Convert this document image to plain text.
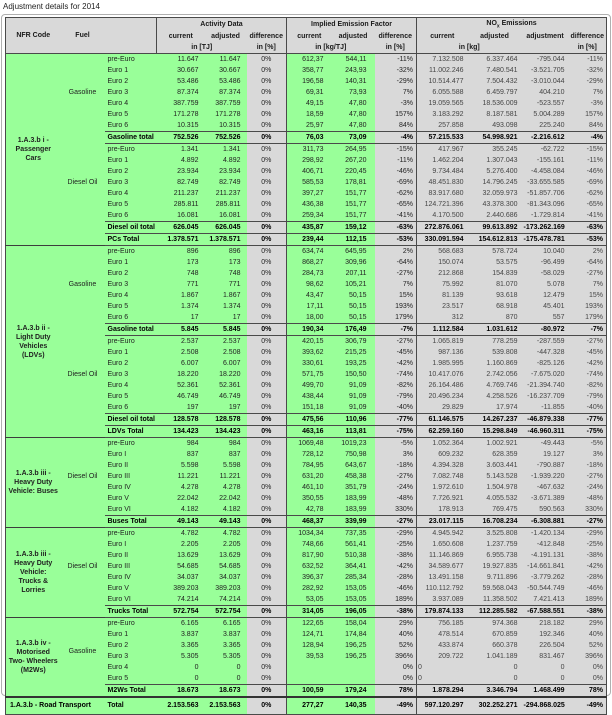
Adjustment details for 2014
NFR Code	Fuel		Activity Data			Implied Emission Factor			$NO_x$ Emissions			
			current	adjusted	difference	current	adjusted	difference	current	adjusted	adjustment	difference
			in [TJ]		in [%]	in [kg/TJ]		in [%]	in [kg]			in [%]
1.A.3.b i - Passenger Cars	Gasoline	pre-Euro	11.647	11.647	0%	612,37	544,11	-11%	7.132.508	6.337.464	-795.044	-11%
		Euro 1	30.667	30.667	0%	358,77	243,93	-32%	11.002.246	7.480.541	-3.521.705	-32%
		Euro 2	53.486	53.486	0%	196,58	140,31	-29%	10.514.477	7.504.432	-3.010.044	-29%
		Euro 3	87.374	87.374	0%	69,31	73,93	7%	6.055.588	6.459.797	404.210	7%
		Euro 4	387.759	387.759	0%	49,15	47,80	-3%	19.059.565	18.536.009	-523.557	-3%
		Euro 5	171.278	171.278	0%	18,59	47,80	157%	3.183.292	8.187.581	5.004.289	157%
		Euro 6	10.315	10.315	0%	25,97	47,80	84%	257.858	493.098	225.240	84%
		Gasoline total	752.526	752.526	0%	76,03	73,09	-4%	57.215.533	54.998.921	-2.216.612	-4%
	Diesel Oil	pre-Euro	1.341	1.341	0%	311,73	264,95	-15%	417.967	355.245	-62.722	-15%
		Euro 1	4.892	4.892	0%	298,92	267,20	-11%	1.462.204	1.307.043	-155.161	-11%
		Euro 2	23.934	23.934	0%	406,71	220,45	-46%	9.734.484	5.276.400	-4.458.084	-46%
		Euro 3	82.749	82.749	0%	585,53	178,81	-69%	48.451.830	14.796.245	-33.655.585	-69%
		Euro 4	211.237	211.237	0%	397,27	151,77	-62%	83.917.680	32.059.973	-51.857.706	-62%
		Euro 5	285.811	285.811	0%	436,38	151,77	-65%	124.721.396	43.378.300	-81.343.096	-65%
		Euro 6	16.081	16.081	0%	259,34	151,77	-41%	4.170.500	2.440.686	-1.729.814	-41%
		Diesel oil total	626.045	626.045	0%	435,87	159,12	-63%	272.876.061	99.613.892	-173.262.169	-63%
		PCs Total	1.378.571	1.378.571	0%	239,44	112,15	-53%	330.091.594	154.612.813	-175.478.781	-53%
1.A.3.b ii - Light Duty Vehicles (LDVs)	Gasoline	pre-Euro	896	896	0%	634,74	645,95	2%	568.683	578.724	10.040	2%
		Euro 1	173	173	0%	868,27	309,96	-64%	150.074	53.575	-96.499	-64%
		Euro 2	748	748	0%	284,73	207,11	-27%	212.868	154.839	-58.029	-27%
		Euro 3	771	771	0%	98,62	105,21	7%	75.992	81.070	5.078	7%
		Euro 4	1.867	1.867	0%	43,47	50,15	15%	81.139	93.618	12.479	15%
		Euro 5	1.374	1.374	0%	17,11	50,15	193%	23.517	68.918	45.401	193%
		Euro 6	17	17	0%	18,00	50,15	179%	312	870	557	179%
		Gasoline total	5.845	5.845	0%	190,34	176,49	-7%	1.112.584	1.031.612	-80.972	-7%
	Diesel Oil	pre-Euro	2.537	2.537	0%	420,15	306,79	-27%	1.065.819	778.259	-287.559	-27%
		Euro 1	2.508	2.508	0%	393,62	215,25	-45%	987.136	539.808	-447.328	-45%
		Euro 2	6.007	6.007	0%	330,61	193,25	-42%	1.985.995	1.160.869	-825.126	-42%
		Euro 3	18.220	18.220	0%	571,75	150,50	-74%	10.417.076	2.742.056	-7.675.020	-74%
		Euro 4	52.361	52.361	0%	499,70	91,09	-82%	26.164.486	4.769.746	-21.394.740	-82%
		Euro 5	46.749	46.749	0%	438,44	91,09	-79%	20.496.234	4.258.526	-16.237.709	-79%
		Euro 6	197	197	0%	151,18	91,09	-40%	29.829	17.974	-11.855	-40%
		Diesel oil total	128.578	128.578	0%	475,56	110,96	-77%	61.146.575	14.267.237	-46.879.338	-77%
		LDVs Total	134.423	134.423	0%	463,16	113,81	-75%	62.259.160	15.298.849	-46.960.311	-75%
1.A.3.b iii - Heavy Duty Vehicle: Buses	Diesel Oil	pre-Euro	984	984	0%	1069,48	1019,23	-5%	1.052.364	1.002.921	-49.443	-5%
		Euro I	837	837	0%	728,12	750,98	3%	609.232	628.359	19.127	3%
		Euro II	5.598	5.598	0%	784,95	643,67	-18%	4.394.328	3.603.441	-790.887	-18%
		Euro III	11.221	11.221	0%	631,20	458,38	-27%	7.082.748	5.143.528	-1.939.220	-27%
		Euro IV	4.278	4.278	0%	461,10	351,79	-24%	1.972.610	1.504.978	-467.632	-24%
		Euro V	22.042	22.042	0%	350,55	183,99	-48%	7.726.921	4.055.532	-3.671.389	-48%
		Euro VI	4.182	4.182	0%	42,78	183,99	330%	178.913	769.475	590.563	330%
		Buses Total	49.143	49.143	0%	468,37	339,99	-27%	23.017.115	16.708.234	-6.308.881	-27%
1.A.3.b iii - Heavy Duty Vehicle: Trucks & Lorries	Diesel Oil	pre-Euro	4.782	4.782	0%	1034,34	737,35	-29%	4.945.942	3.525.808	-1.420.134	-29%
		Euro I	2.205	2.205	0%	748,66	561,41	-25%	1.650.608	1.237.759	-412.848	-25%
		Euro II	13.629	13.629	0%	817,90	510,38	-38%	11.146.869	6.955.738	-4.191.131	-38%
		Euro III	54.685	54.685	0%	632,52	364,41	-42%	34.589.677	19.927.835	-14.661.841	-42%
		Euro IV	34.037	34.037	0%	396,37	285,34	-28%	13.491.158	9.711.896	-3.779.262	-28%
		Euro V	389.203	389.203	0%	282,92	153,05	-46%	110.112.792	59.568.043	-50.544.749	-46%
		Euro VI	74.214	74.214	0%	53,05	153,05	189%	3.937.089	11.358.502	7.421.413	189%
		Trucks Total	572.754	572.754	0%	314,05	196,05	-38%	179.874.133	112.285.582	-67.588.551	-38%
1.A.3.b iv - Motorised Two- Wheelers (M2Ws)	Gasoline	pre-Euro	6.165	6.165	0%	122,65	158,04	29%	756.185	974.368	218.182	29%
		Euro 1	3.837	3.837	0%	124,71	174,84	40%	478.514	670.859	192.346	40%
		Euro 2	3.365	3.365	0%	128,94	196,25	52%	433.874	660.378	226.504	52%
		Euro 3	5.305	5.305	0%	39,53	196,25	396%	209.722	1.041.189	831.467	396%
		Euro 4	0	0	0%			0%	0	0	0	0%
		Euro 5	0	0	0%			0%	0	0	0	0%
		M2Ws Total	18.673	18.673	0%	100,59	179,24	78%	1.878.294	3.346.794	1.468.499	78%
1.A.3.b - Road Transport		Total	2.153.563	2.153.563	0%	277,27	140,35	-49%	597.120.297	302.252.271	-294.868.025	-49%
